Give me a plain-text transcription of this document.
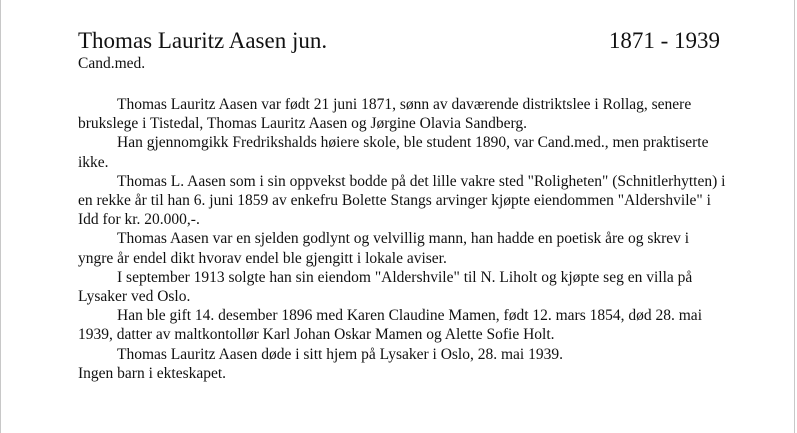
Thomas Lauritz Aasen jun.	1871 - 1939
Cand.med.

Thomas Lauritz Aasen var født 21 juni 1871, sønn av daværende distriktslee i Rollag, senere brukslege i Tistedal, Thomas Lauritz Aasen og Jørgine Olavia Sandberg.

Han gjennomgikk Fredrikshalds høiere skole, ble student 1890, var Cand.med., men praktiserte ikke.

Thomas L. Aasen som i sin oppvekst bodde på det lille vakre sted "Roligheten" (Schnitlerhytten) i en rekke år til han 6. juni 1859 av enkefru Bolette Stangs arvinger kjøpte eiendommen "Aldershvile" i Idd for kr. 20.000,-.

Thomas Aasen var en sjelden godlynt og velvillig mann, han hadde en poetisk åre og skrev i yngre år endel dikt hvorav endel ble gjengitt i lokale aviser.

I september 1913 solgte han sin eiendom "Aldershvile" til N. Liholt og kjøpte seg en villa på Lysaker ved Oslo.

Han ble gift 14. desember 1896 med Karen Claudine Mamen, født 12. mars 1854, død 28. mai 1939, datter av maltkontollør Karl Johan Oskar Mamen og Alette Sofie Holt.

Thomas Lauritz Aasen døde i sitt hjem på Lysaker i Oslo, 28. mai 1939.

Ingen barn i ekteskapet.
